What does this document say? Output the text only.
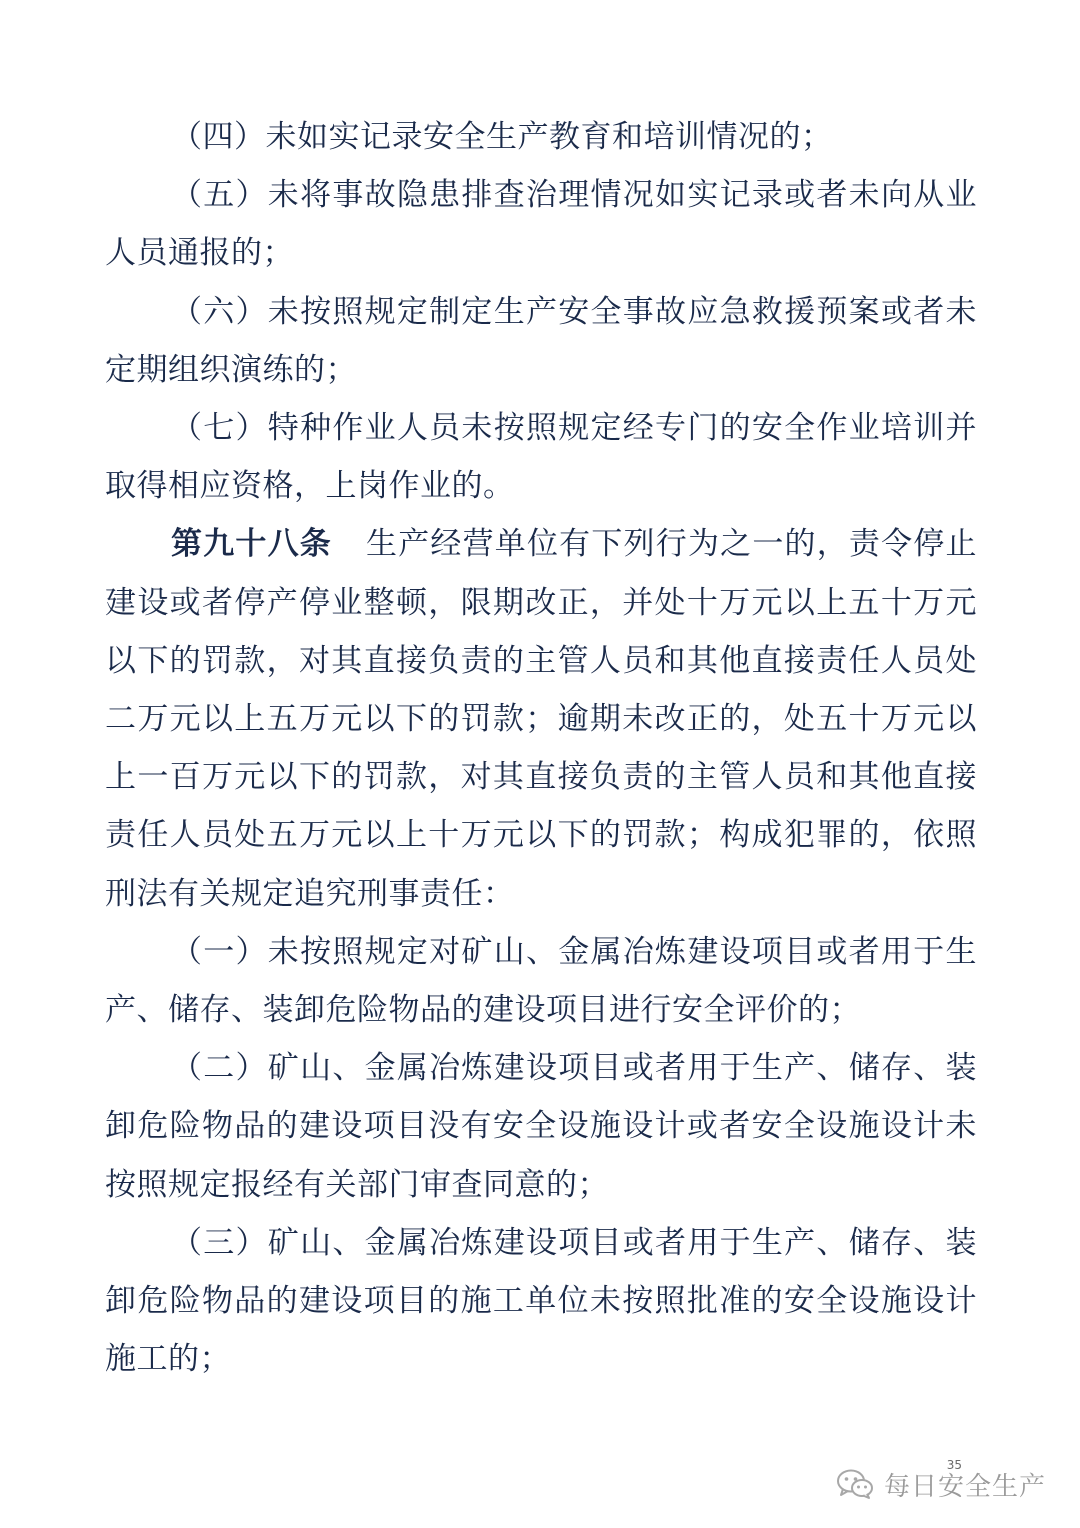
（四）未如实记录安全生产教育和培训情况的；

（五）未将事故隐患排查治理情况如实记录或者未向从业人员通报的；

（六）未按照规定制定生产安全事故应急救援预案或者未定期组织演练的；

（七）特种作业人员未按照规定经专门的安全作业培训并取得相应资格，上岗作业的。

第九十八条 生产经营单位有下列行为之一的，责令停止建设或者停产停业整顿，限期改正，并处十万元以上五十万元以下的罚款，对其直接负责的主管人员和其他直接责任人员处二万元以上五万元以下的罚款；逾期未改正的，处五十万元以上一百万元以下的罚款，对其直接负责的主管人员和其他直接责任人员处五万元以上十万元以下的罚款；构成犯罪的，依照刑法有关规定追究刑事责任：

（一）未按照规定对矿山、金属冶炼建设项目或者用于生产、储存、装卸危险物品的建设项目进行安全评价的；

（二）矿山、金属冶炼建设项目或者用于生产、储存、装卸危险物品的建设项目没有安全设施设计或者安全设施设计未按照规定报经有关部门审查同意的；

（三）矿山、金属冶炼建设项目或者用于生产、储存、装卸危险物品的建设项目的施工单位未按照批准的安全设施设计施工的；

35
每日安全生产
